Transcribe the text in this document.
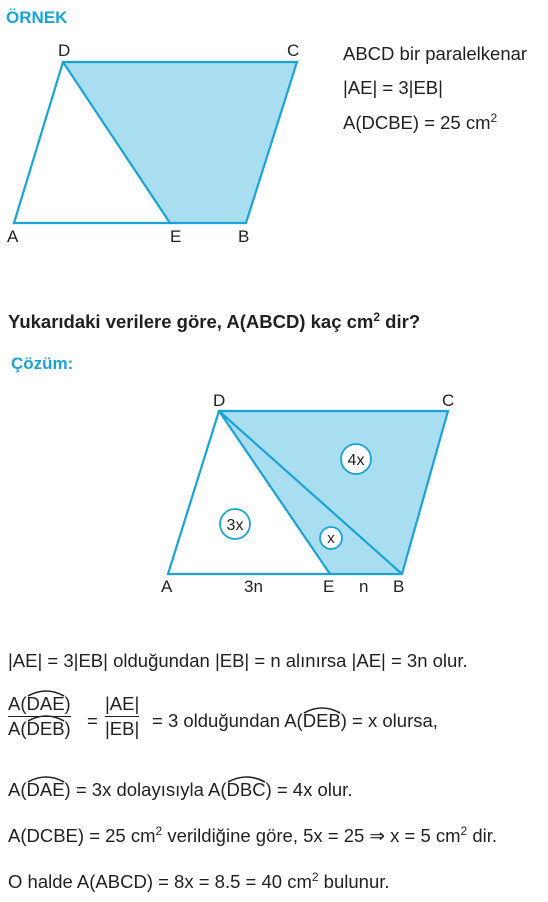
ÖRNEK
D	C
A	E	B
ABCD bir paralelkenar
|AE| = 3|EB|
A(DCBE) = 25 $cm^2$
Yukarıdaki verilere göre, A(ABCD) kaç $cm^2$ dir?
Çözüm:
D	C
A	3n	E n B
4x
3x
x
|AE| = 3|EB| olduğundan |EB| = n alınırsa |AE| = 3n olur.
A(
DAE)
A(
DEB) =
|AE|
|EB| = 3 olduğundan A(
DEB) = x olursa,
A(
DAE) = 3x dolayısıyla A(
DBC) = 4x olur.
A(DCBE) = 25 $cm^2$ verildiğine göre, 5x = 25 ⇒ x = 5 $cm^2$ dir.
O halde A(ABCD) = 8x = 8.5 = 40 $cm^2$ bulunur.
